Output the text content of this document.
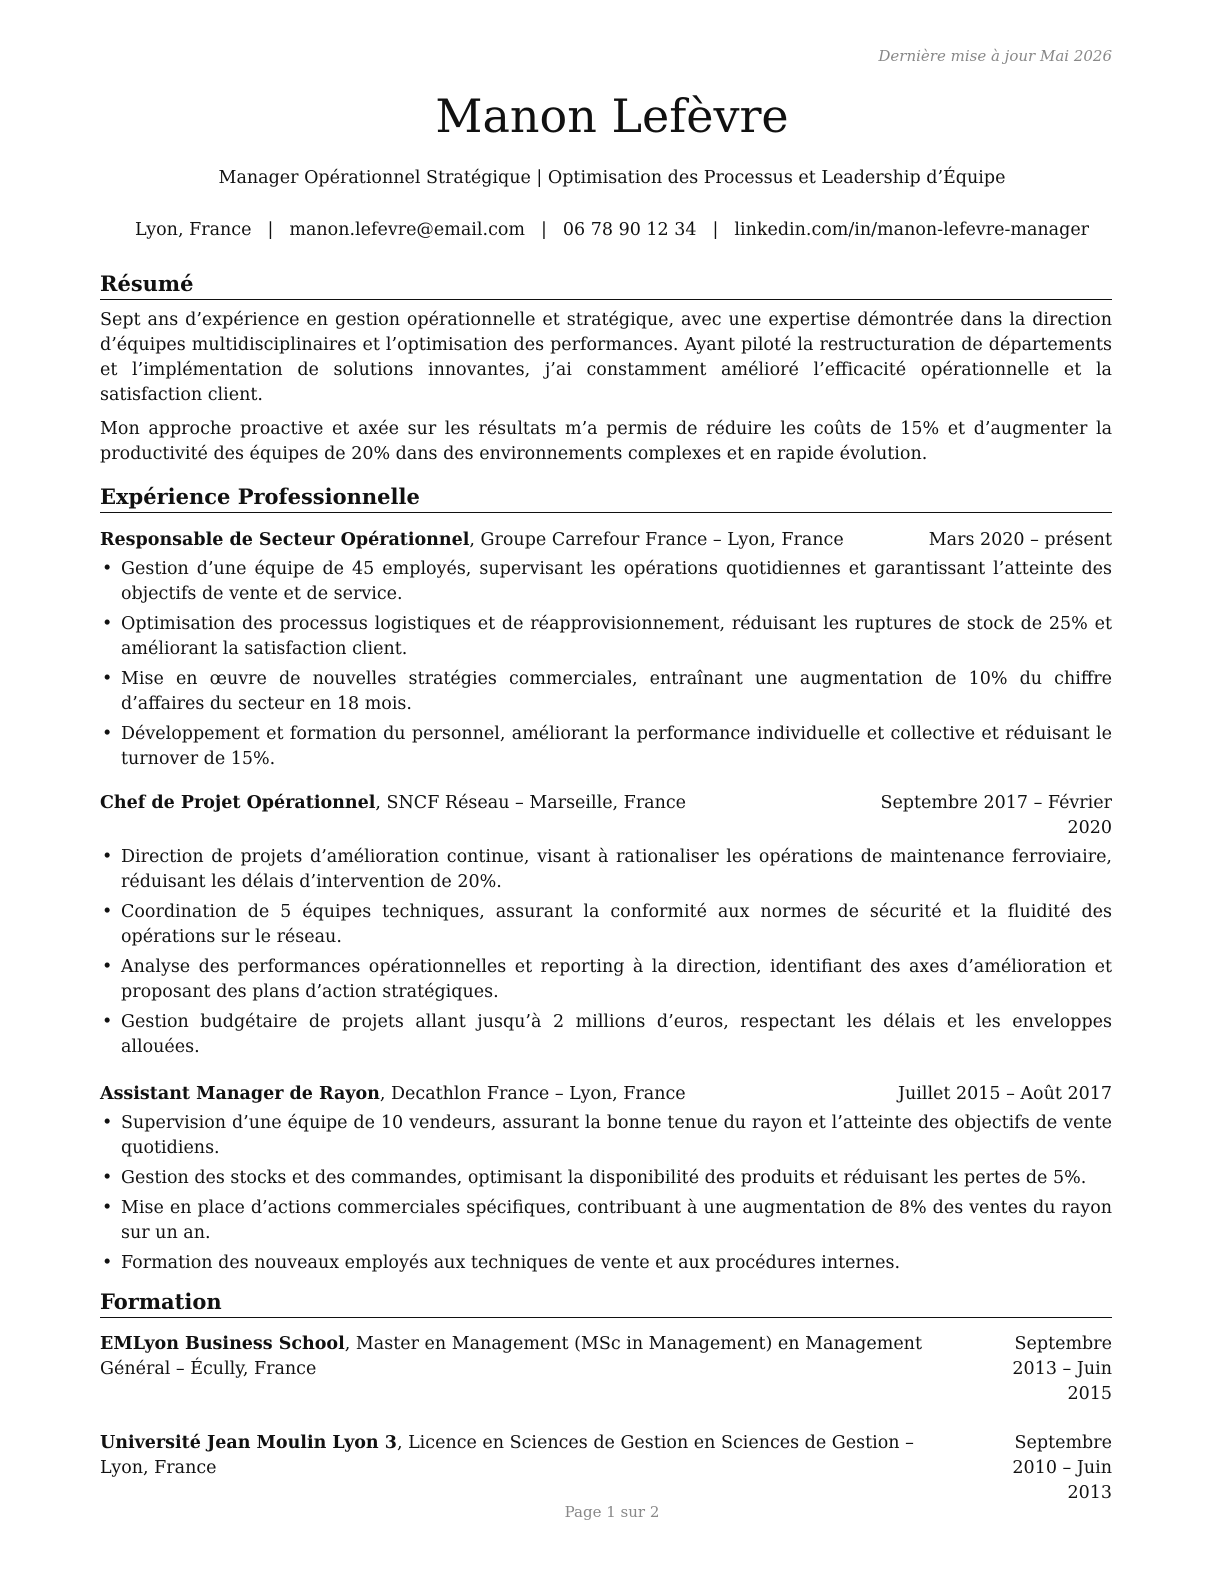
Dernière mise à jour Mai 2026
Manon Lefèvre
Manager Opérationnel Stratégique | Optimisation des Processus et Leadership d’Équipe
Lyon, France | manon.lefevre@email.com | 06 78 90 12 34 | linkedin.com/in/manon-lefevre-manager
Résumé

Sept ans d’expérience en gestion opérationnelle et stratégique, avec une expertise démontrée dans la direction d’équipes multidisciplinaires et l’optimisation des performances. Ayant piloté la restructuration de départements et l’implémentation de solutions innovantes, j’ai constamment amélioré l’efficacité opérationnelle et la satisfaction client.

Mon approche proactive et axée sur les résultats m’a permis de réduire les coûts de 15% et d’augmenter la productivité des équipes de 20% dans des environnements complexes et en rapide évolution.

Expérience Professionnelle
Responsable de Secteur Opérationnel, Groupe Carrefour France – Lyon, France	Mars 2020 – présent
• Gestion d’une équipe de 45 employés, supervisant les opérations quotidiennes et garantissant l’atteinte des objectifs de vente et de service.
• Optimisation des processus logistiques et de réapprovisionnement, réduisant les ruptures de stock de 25% et améliorant la satisfaction client.
• Mise en œuvre de nouvelles stratégies commerciales, entraînant une augmentation de 10% du chiffre d’affaires du secteur en 18 mois.
• Développement et formation du personnel, améliorant la performance individuelle et collective et réduisant le turnover de 15%.
Chef de Projet Opérationnel, SNCF Réseau – Marseille, France	Septembre 2017 – Février 2020
• Direction de projets d’amélioration continue, visant à rationaliser les opérations de maintenance ferroviaire, réduisant les délais d’intervention de 20%.
• Coordination de 5 équipes techniques, assurant la conformité aux normes de sécurité et la fluidité des opérations sur le réseau.
• Analyse des performances opérationnelles et reporting à la direction, identifiant des axes d’amélioration et proposant des plans d’action stratégiques.
• Gestion budgétaire de projets allant jusqu’à 2 millions d’euros, respectant les délais et les enveloppes allouées.
Assistant Manager de Rayon, Decathlon France – Lyon, France	Juillet 2015 – Août 2017
• Supervision d’une équipe de 10 vendeurs, assurant la bonne tenue du rayon et l’atteinte des objectifs de vente quotidiens.
• Gestion des stocks et des commandes, optimisant la disponibilité des produits et réduisant les pertes de 5%.
• Mise en place d’actions commerciales spécifiques, contribuant à une augmentation de 8% des ventes du rayon sur un an.
• Formation des nouveaux employés aux techniques de vente et aux procédures internes.
Formation
EMLyon Business School, Master en Management (MSc in Management) en Management Général – Écully, France
Septembre 2013 – Juin 2015
Université Jean Moulin Lyon 3, Licence en Sciences de Gestion en Sciences de Gestion – Lyon, France
Septembre 2010 – Juin 2013
Page 1 sur 2
